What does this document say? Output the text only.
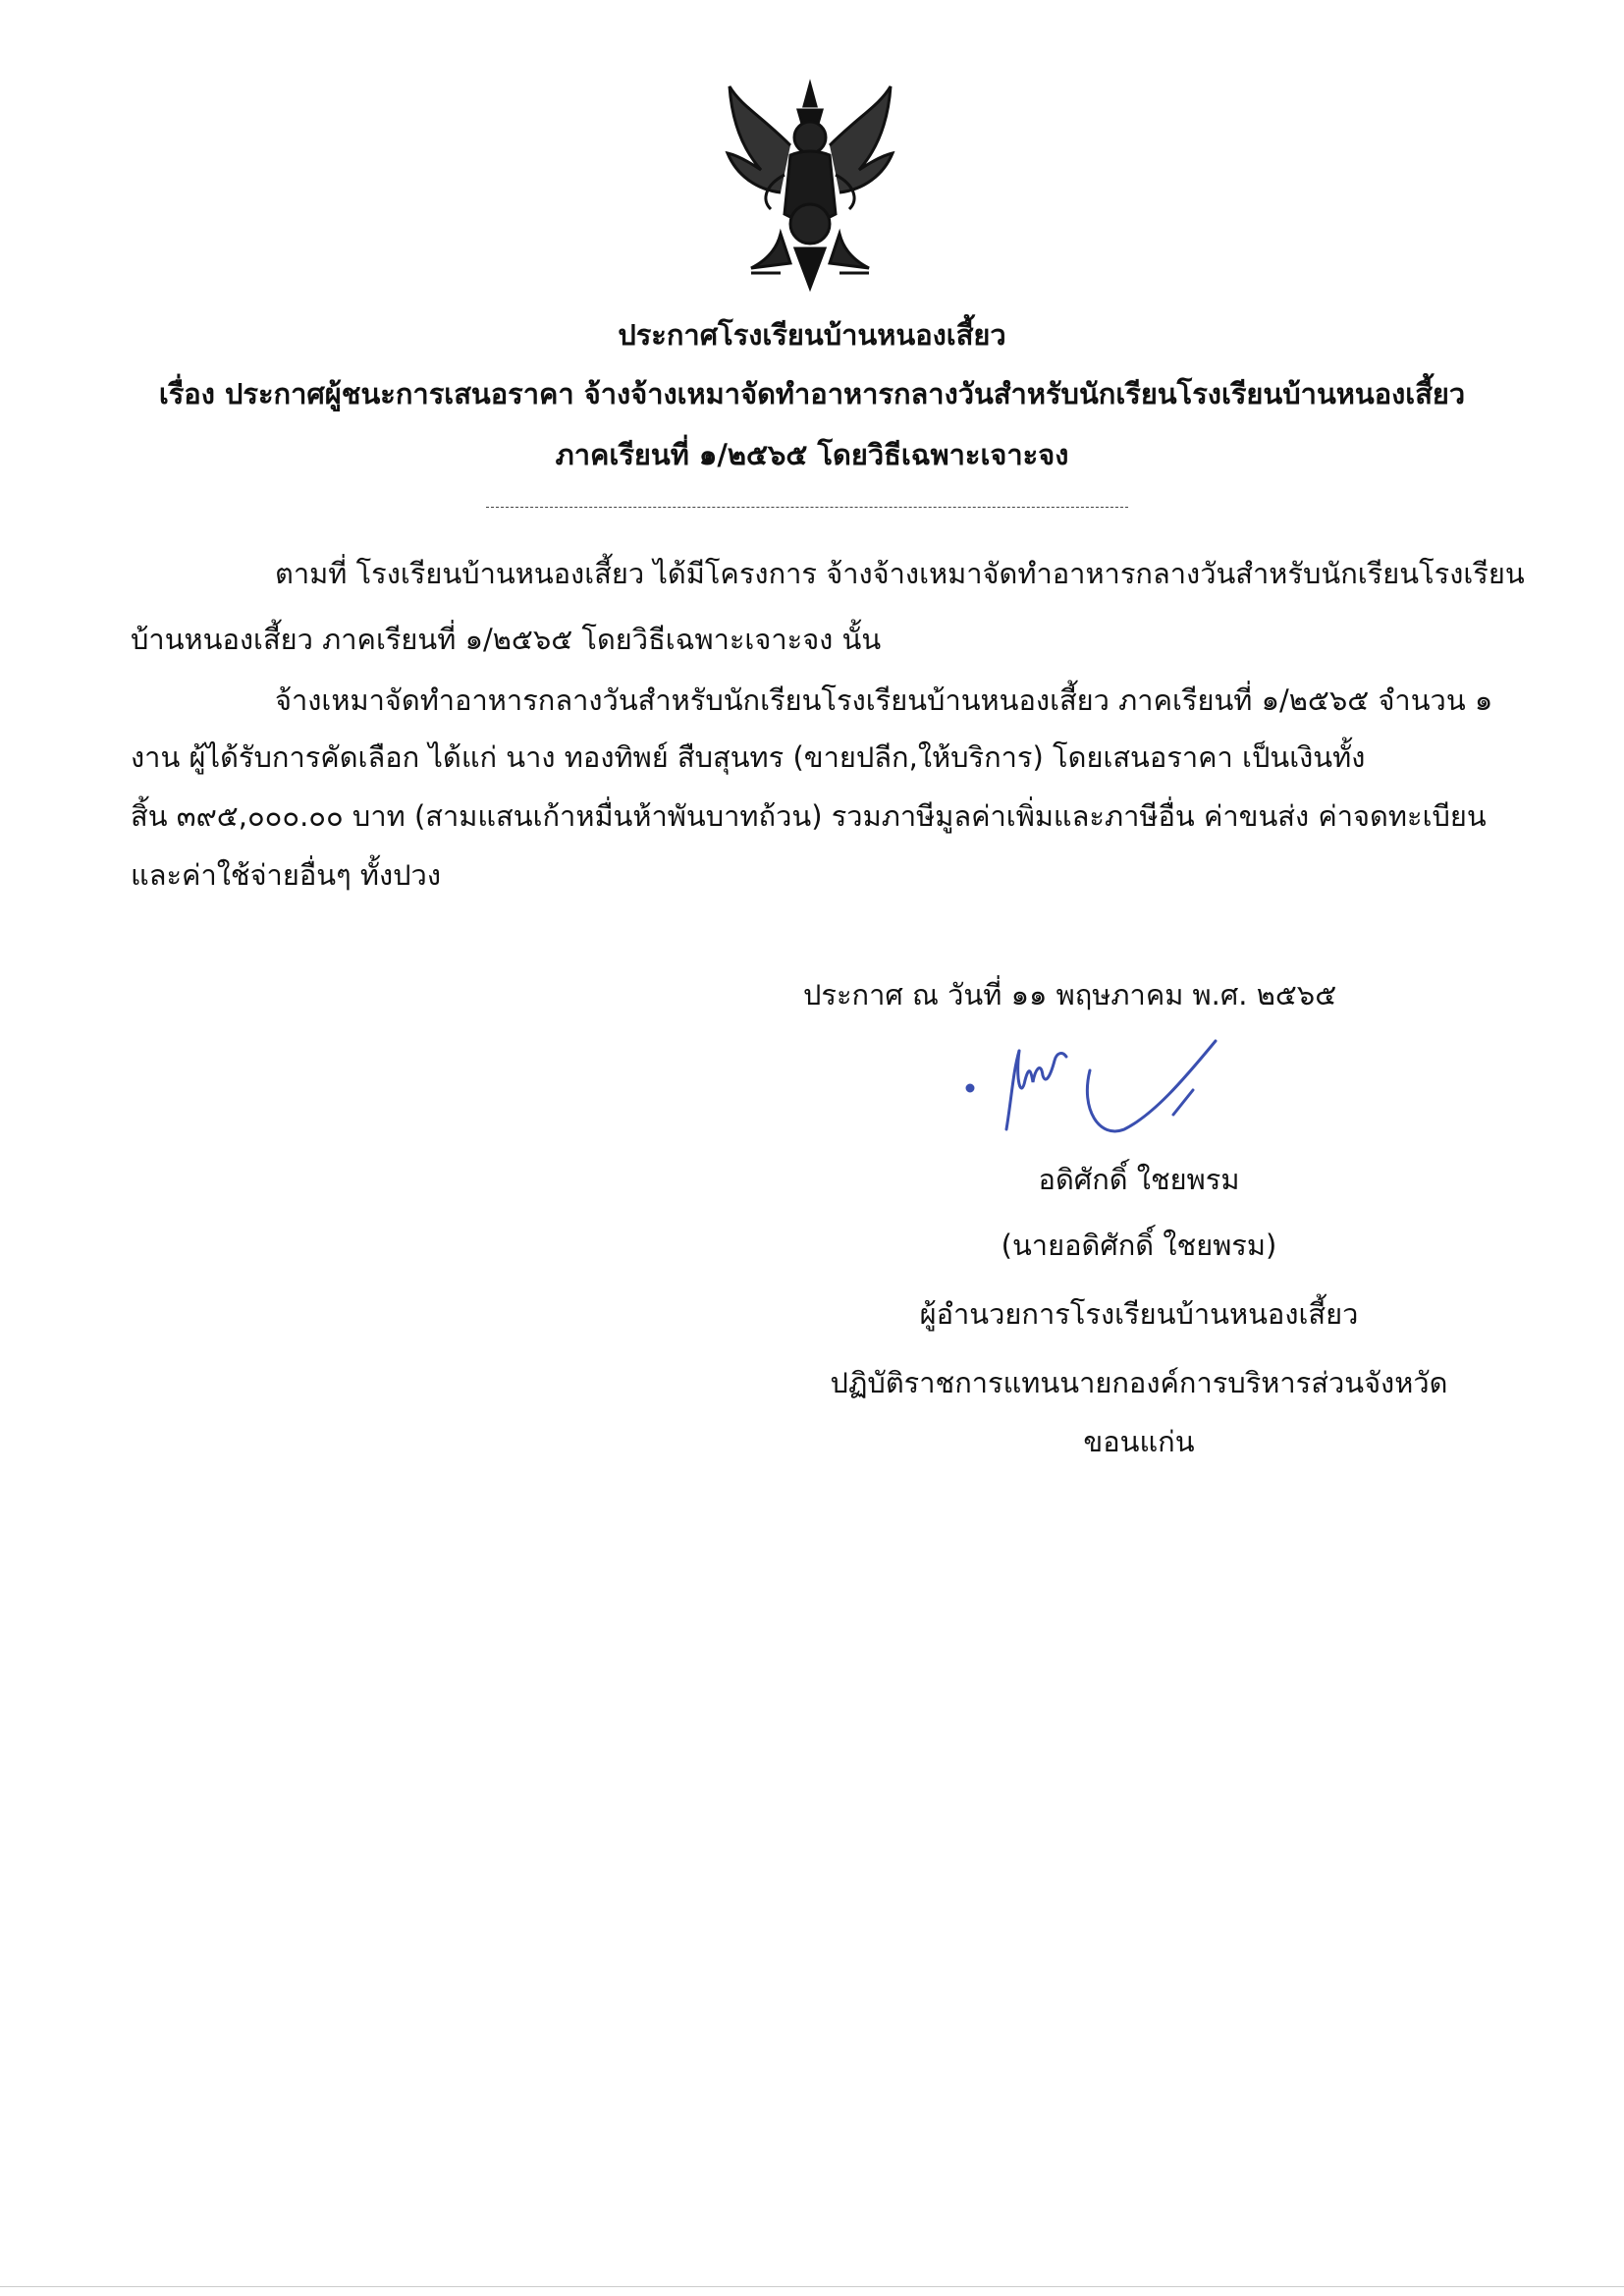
ประกาศโรงเรียนบ้านหนองเสี้ยว
เรื่อง ประกาศผู้ชนะการเสนอราคา จ้างจ้างเหมาจัดทำอาหารกลางวันสำหรับนักเรียนโรงเรียนบ้านหนองเสี้ยว
ภาคเรียนที่ ๑/๒๕๖๕ โดยวิธีเฉพาะเจาะจง
ตามที่ โรงเรียนบ้านหนองเสี้ยว ได้มีโครงการ จ้างจ้างเหมาจัดทำอาหารกลางวันสำหรับนักเรียนโรงเรียน
บ้านหนองเสี้ยว ภาคเรียนที่ ๑/๒๕๖๕ โดยวิธีเฉพาะเจาะจง นั้น
จ้างเหมาจัดทำอาหารกลางวันสำหรับนักเรียนโรงเรียนบ้านหนองเสี้ยว ภาคเรียนที่ ๑/๒๕๖๕ จำนวน ๑
งาน ผู้ได้รับการคัดเลือก ได้แก่ นาง ทองทิพย์ สืบสุนทร (ขายปลีก,ให้บริการ) โดยเสนอราคา เป็นเงินทั้ง
สิ้น ๓๙๕,๐๐๐.๐๐ บาท (สามแสนเก้าหมื่นห้าพันบาทถ้วน) รวมภาษีมูลค่าเพิ่มและภาษีอื่น ค่าขนส่ง ค่าจดทะเบียน
และค่าใช้จ่ายอื่นๆ ทั้งปวง
ประกาศ ณ วันที่ ๑๑ พฤษภาคม พ.ศ. ๒๕๖๕
อดิศักดิ์ ใชยพรม
(นายอดิศักดิ์ ใชยพรม)
ผู้อำนวยการโรงเรียนบ้านหนองเสี้ยว
ปฏิบัติราชการแทนนายกองค์การบริหารส่วนจังหวัด
ขอนแก่น
